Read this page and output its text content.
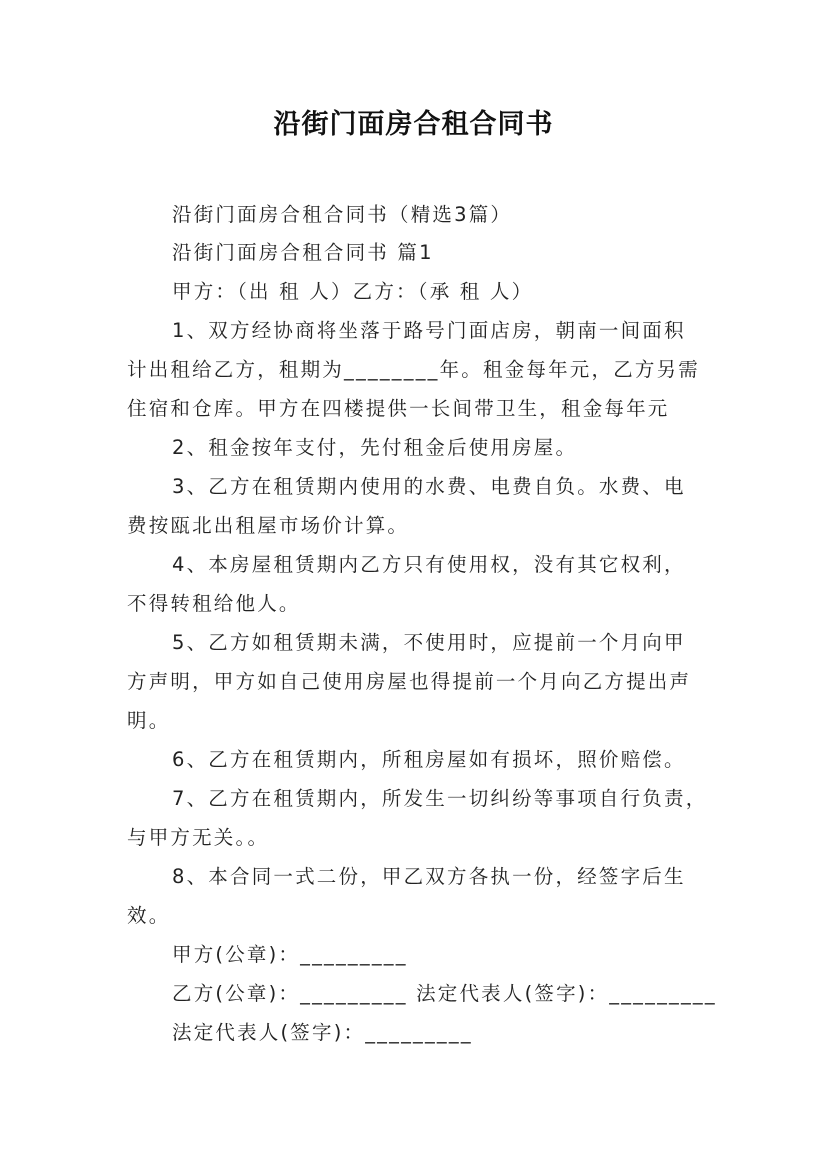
沿街门面房合租合同书
沿街门面房合租合同书（精选3篇）
沿街门面房合租合同书 篇1
甲方：（出 租 人）乙方：（承 租 人）
1、双方经协商将坐落于路号门面店房，朝南一间面积
计出租给乙方，租期为________年。租金每年元，乙方另需
住宿和仓库。甲方在四楼提供一长间带卫生，租金每年元
2、租金按年支付，先付租金后使用房屋。
3、乙方在租赁期内使用的水费、电费自负。水费、电
费按瓯北出租屋市场价计算。
4、本房屋租赁期内乙方只有使用权，没有其它权利，
不得转租给他人。
5、乙方如租赁期未满，不使用时，应提前一个月向甲
方声明，甲方如自己使用房屋也得提前一个月向乙方提出声
明。
6、乙方在租赁期内，所租房屋如有损坏，照价赔偿。
7、乙方在租赁期内，所发生一切纠纷等事项自行负责，
与甲方无关。。
8、本合同一式二份，甲乙双方各执一份，经签字后生
效。
甲方(公章)：_________
乙方(公章)：_________ 法定代表人(签字)：_________
法定代表人(签字)：_________
